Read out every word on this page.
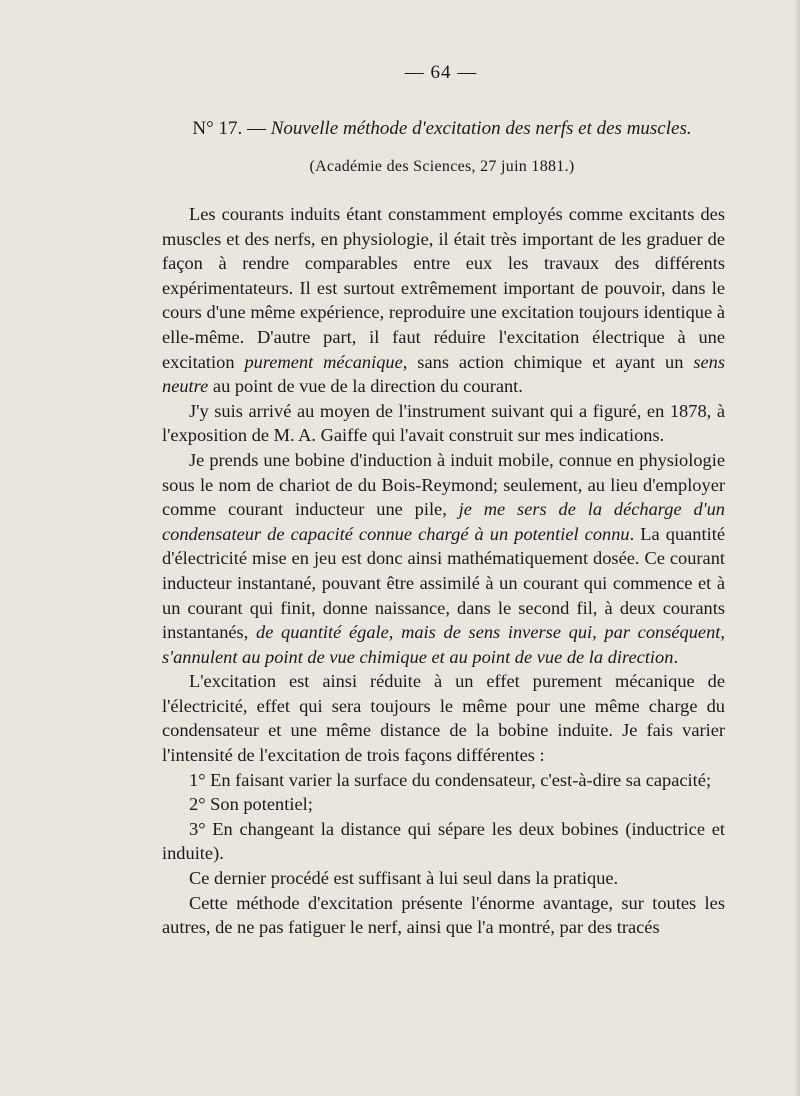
— 64 —
N° 17. — Nouvelle méthode d'excitation des nerfs et des muscles.
(Académie des Sciences, 27 juin 1881.)

Les courants induits étant constamment employés comme excitants des muscles et des nerfs, en physiologie, il était très important de les graduer de façon à rendre comparables entre eux les travaux des différents expérimentateurs. Il est surtout extrêmement important de pouvoir, dans le cours d'une même expérience, reproduire une excitation toujours identique à elle-même. D'autre part, il faut réduire l'excitation électrique à une excitation purement mécanique, sans action chimique et ayant un sens neutre au point de vue de la direction du courant.

J'y suis arrivé au moyen de l'instrument suivant qui a figuré, en 1878, à l'exposition de M. A. Gaiffe qui l'avait construit sur mes indications.

Je prends une bobine d'induction à induit mobile, connue en physiologie sous le nom de chariot de du Bois-Reymond; seulement, au lieu d'employer comme courant inducteur une pile, je me sers de la décharge d'un condensateur de capacité connue chargé à un potentiel connu. La quantité d'électricité mise en jeu est donc ainsi mathématiquement dosée. Ce courant inducteur instantané, pouvant être assimilé à un courant qui commence et à un courant qui finit, donne naissance, dans le second fil, à deux courants instantanés, de quantité égale, mais de sens inverse qui, par conséquent, s'annulent au point de vue chimique et au point de vue de la direction.

L'excitation est ainsi réduite à un effet purement mécanique de l'électricité, effet qui sera toujours le même pour une même charge du condensateur et une même distance de la bobine induite. Je fais varier l'intensité de l'excitation de trois façons différentes :

1° En faisant varier la surface du condensateur, c'est-à-dire sa capacité;

2° Son potentiel;

3° En changeant la distance qui sépare les deux bobines (inductrice et induite).

Ce dernier procédé est suffisant à lui seul dans la pratique.

Cette méthode d'excitation présente l'énorme avantage, sur toutes les autres, de ne pas fatiguer le nerf, ainsi que l'a montré, par des tracés
